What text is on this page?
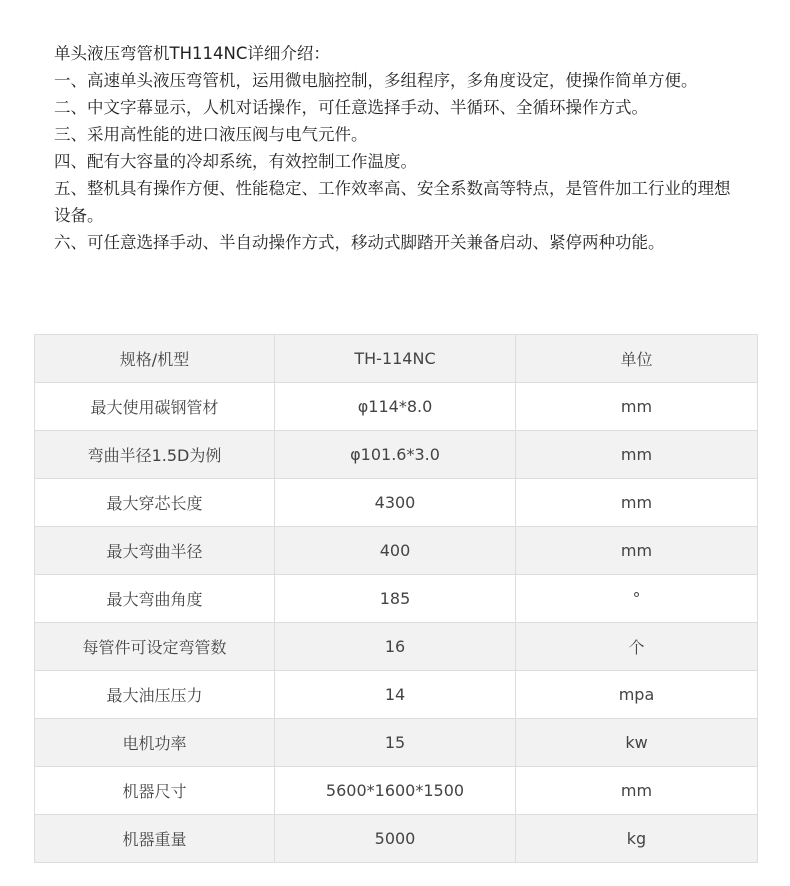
单头液压弯管机TH114NC详细介绍：

一、高速单头液压弯管机，运用微电脑控制，多组程序，多角度设定，使操作简单方便。

二、中文字幕显示，人机对话操作，可任意选择手动、半循环、全循环操作方式。

三、采用高性能的进口液压阀与电气元件。

四、配有大容量的冷却系统，有效控制工作温度。

五、整机具有操作方便、性能稳定、工作效率高、安全系数高等特点，是管件加工行业的理想设备。

六、可任意选择手动、半自动操作方式，移动式脚踏开关兼备启动、紧停两种功能。

规格/机型	TH-114NC	单位
最大使用碳钢管材	φ114*8.0	mm
弯曲半径1.5D为例	φ101.6*3.0	mm
最大穿芯长度	4300	mm
最大弯曲半径	400	mm
最大弯曲角度	185	°
每管件可设定弯管数	16	个
最大油压压力	14	mpa
电机功率	15	kw
机器尺寸	5600*1600*1500	mm
机器重量	5000	kg
